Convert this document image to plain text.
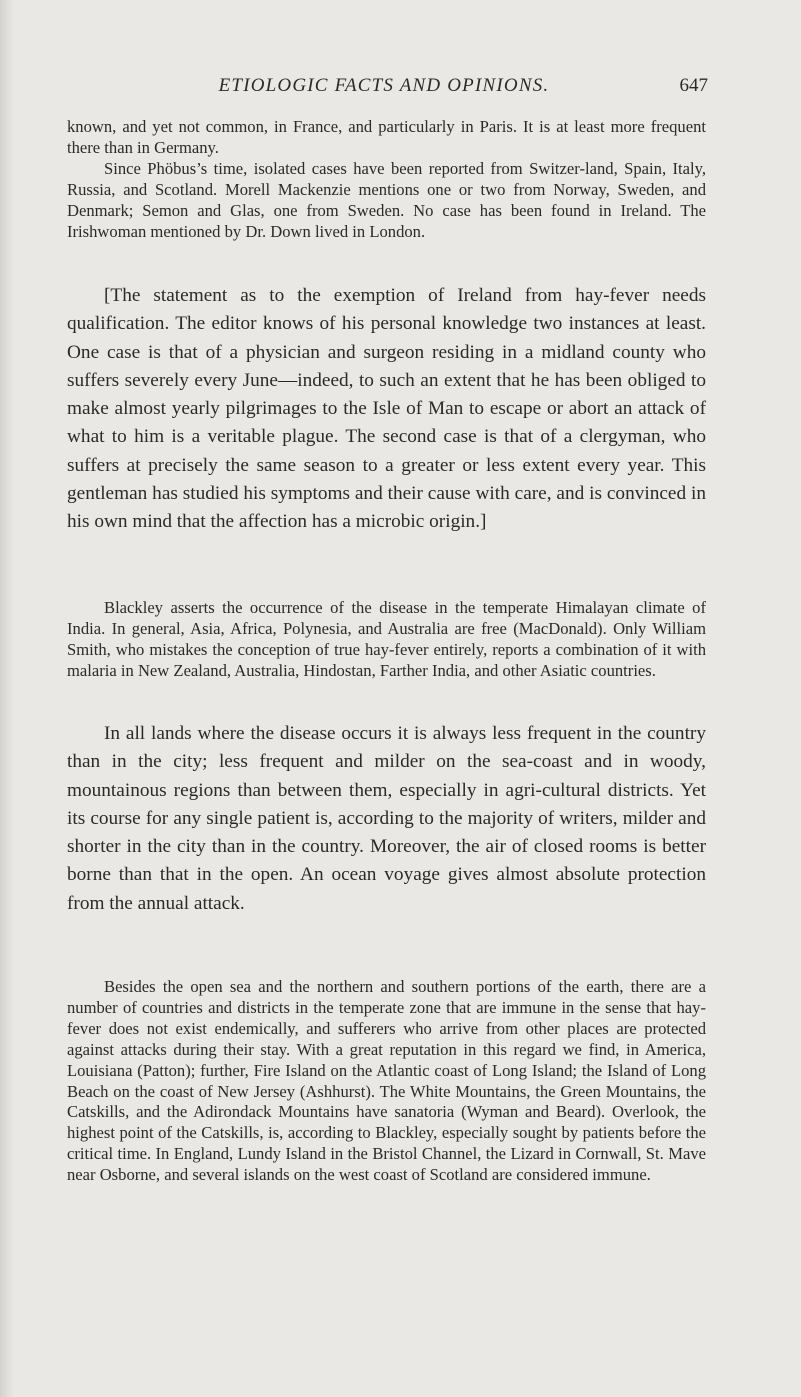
ETIOLOGIC FACTS AND OPINIONS.	647

known, and yet not common, in France, and particularly in Paris. It is at least more frequent there than in Germany.

Since Phöbus’s time, isolated cases have been reported from Switzer-land, Spain, Italy, Russia, and Scotland. Morell Mackenzie mentions one or two from Norway, Sweden, and Denmark; Semon and Glas, one from Sweden. No case has been found in Ireland. The Irishwoman mentioned by Dr. Down lived in London.

[The statement as to the exemption of Ireland from hay-fever needs qualification. The editor knows of his personal knowledge two instances at least. One case is that of a physician and surgeon residing in a midland county who suffers severely every June—indeed, to such an extent that he has been obliged to make almost yearly pilgrimages to the Isle of Man to escape or abort an attack of what to him is a veritable plague. The second case is that of a clergyman, who suffers at precisely the same season to a greater or less extent every year. This gentleman has studied his symptoms and their cause with care, and is convinced in his own mind that the affection has a microbic origin.]

Blackley asserts the occurrence of the disease in the temperate Himalayan climate of India. In general, Asia, Africa, Polynesia, and Australia are free (MacDonald). Only William Smith, who mistakes the conception of true hay-fever entirely, reports a combination of it with malaria in New Zealand, Australia, Hindostan, Farther India, and other Asiatic countries.

In all lands where the disease occurs it is always less frequent in the country than in the city; less frequent and milder on the sea-coast and in woody, mountainous regions than between them, especially in agri-cultural districts. Yet its course for any single patient is, according to the majority of writers, milder and shorter in the city than in the country. Moreover, the air of closed rooms is better borne than that in the open. An ocean voyage gives almost absolute protection from the annual attack.

Besides the open sea and the northern and southern portions of the earth, there are a number of countries and districts in the temperate zone that are immune in the sense that hay-fever does not exist endemically, and sufferers who arrive from other places are protected against attacks during their stay. With a great reputation in this regard we find, in America, Louisiana (Patton); further, Fire Island on the Atlantic coast of Long Island; the Island of Long Beach on the coast of New Jersey (Ashhurst). The White Mountains, the Green Mountains, the Catskills, and the Adirondack Mountains have sanatoria (Wyman and Beard). Overlook, the highest point of the Catskills, is, according to Blackley, especially sought by patients before the critical time. In England, Lundy Island in the Bristol Channel, the Lizard in Cornwall, St. Mave near Osborne, and several islands on the west coast of Scotland are considered immune.
